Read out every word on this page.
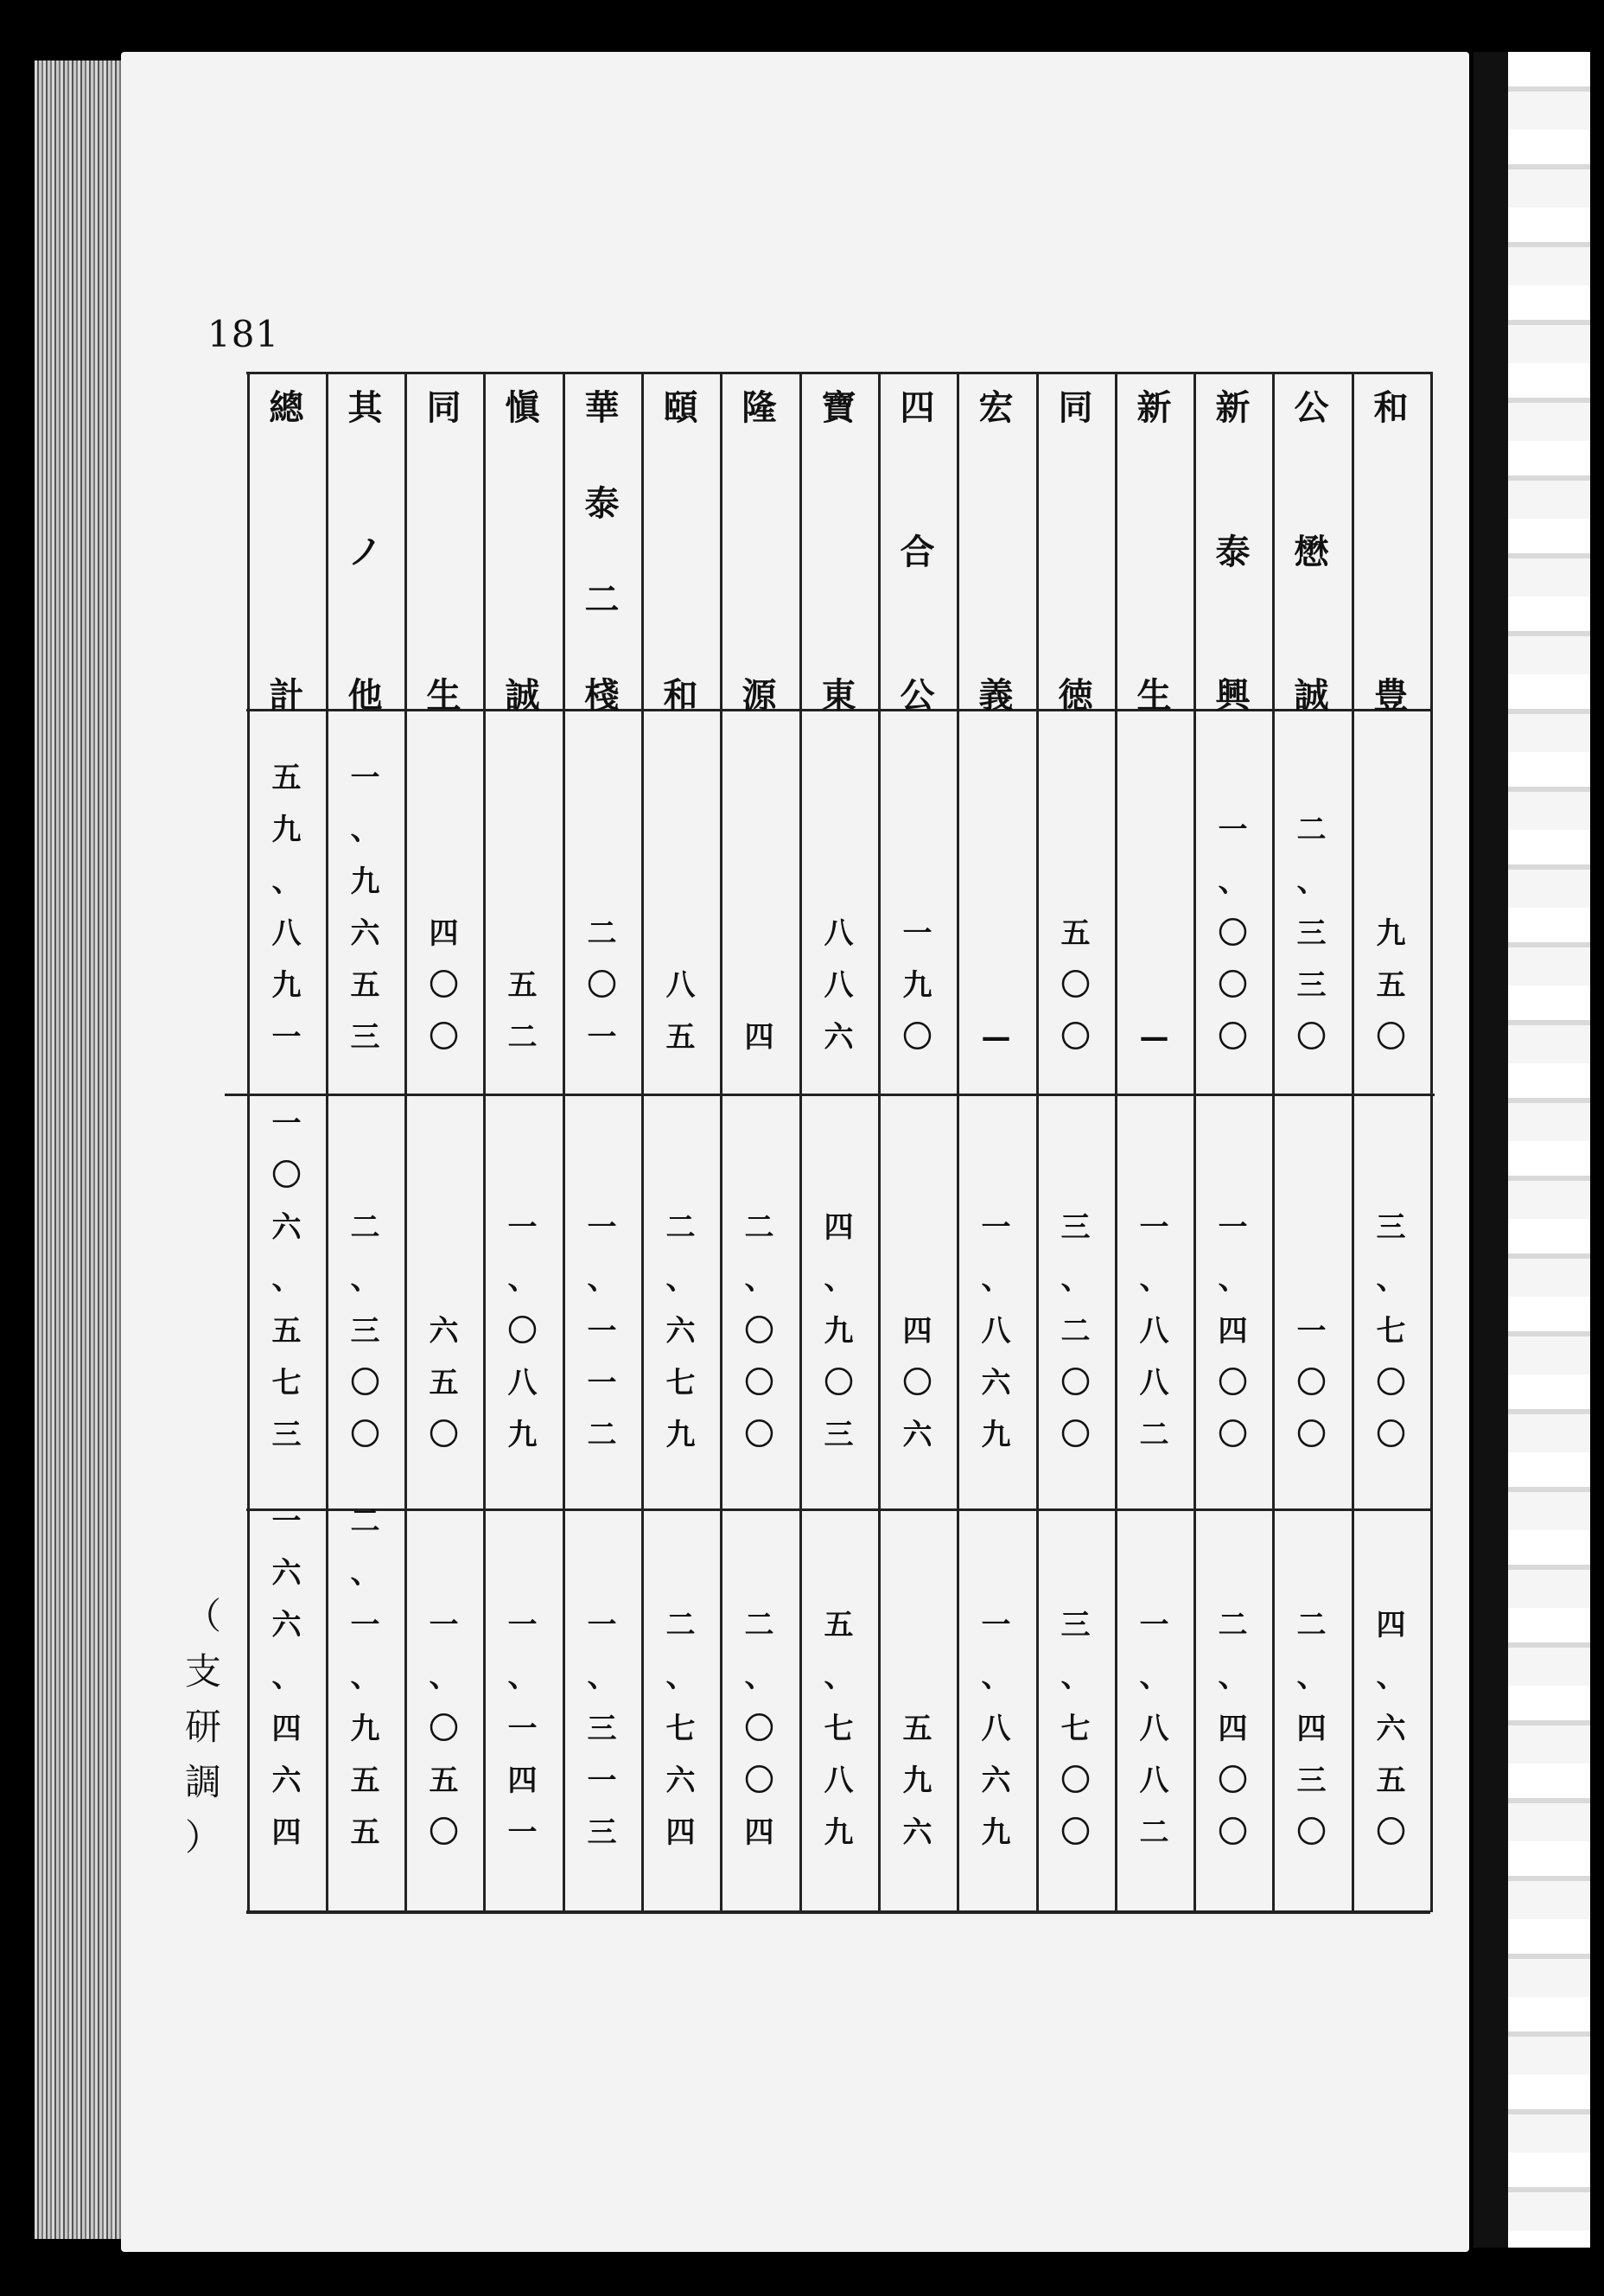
181
和
豊
九
五
〇
三
、
七
〇
〇
四
、
六
五
〇
公
懋
誠
二
、
三
三
〇
一
〇
〇
二
、
四
三
〇
新
泰
興
一
、
〇
〇
〇
一
、
四
〇
〇
二
、
四
〇
〇
新
生
—
一
、
八
八
二
一
、
八
八
二
同
徳
五
〇
〇
三
、
二
〇
〇
三
、
七
〇
〇
宏
義
—
一
、
八
六
九
一
、
八
六
九
四
合
公
一
九
〇
四
〇
六
五
九
六
寶
東
八
八
六
四
、
九
〇
三
五
、
七
八
九
隆
源
四
二
、
〇
〇
〇
二
、
〇
〇
四
頤
和
八
五
二
、
六
七
九
二
、
七
六
四
華
泰
二
棧
二
〇
一
一
、
一
一
二
一
、
三
一
三
愼
誠
五
二
一
、
〇
八
九
一
、
一
四
一
同
生
四
〇
〇
六
五
〇
一
、
〇
五
〇
其
ノ
他
一
、
九
六
五
三
二
、
三
〇
〇
二
、
一
、
九
五
五
總
計
五
九
、
八
九
一
一
〇
六
、
五
七
三
一
六
六
、
四
六
四
（
支
研
調
）
